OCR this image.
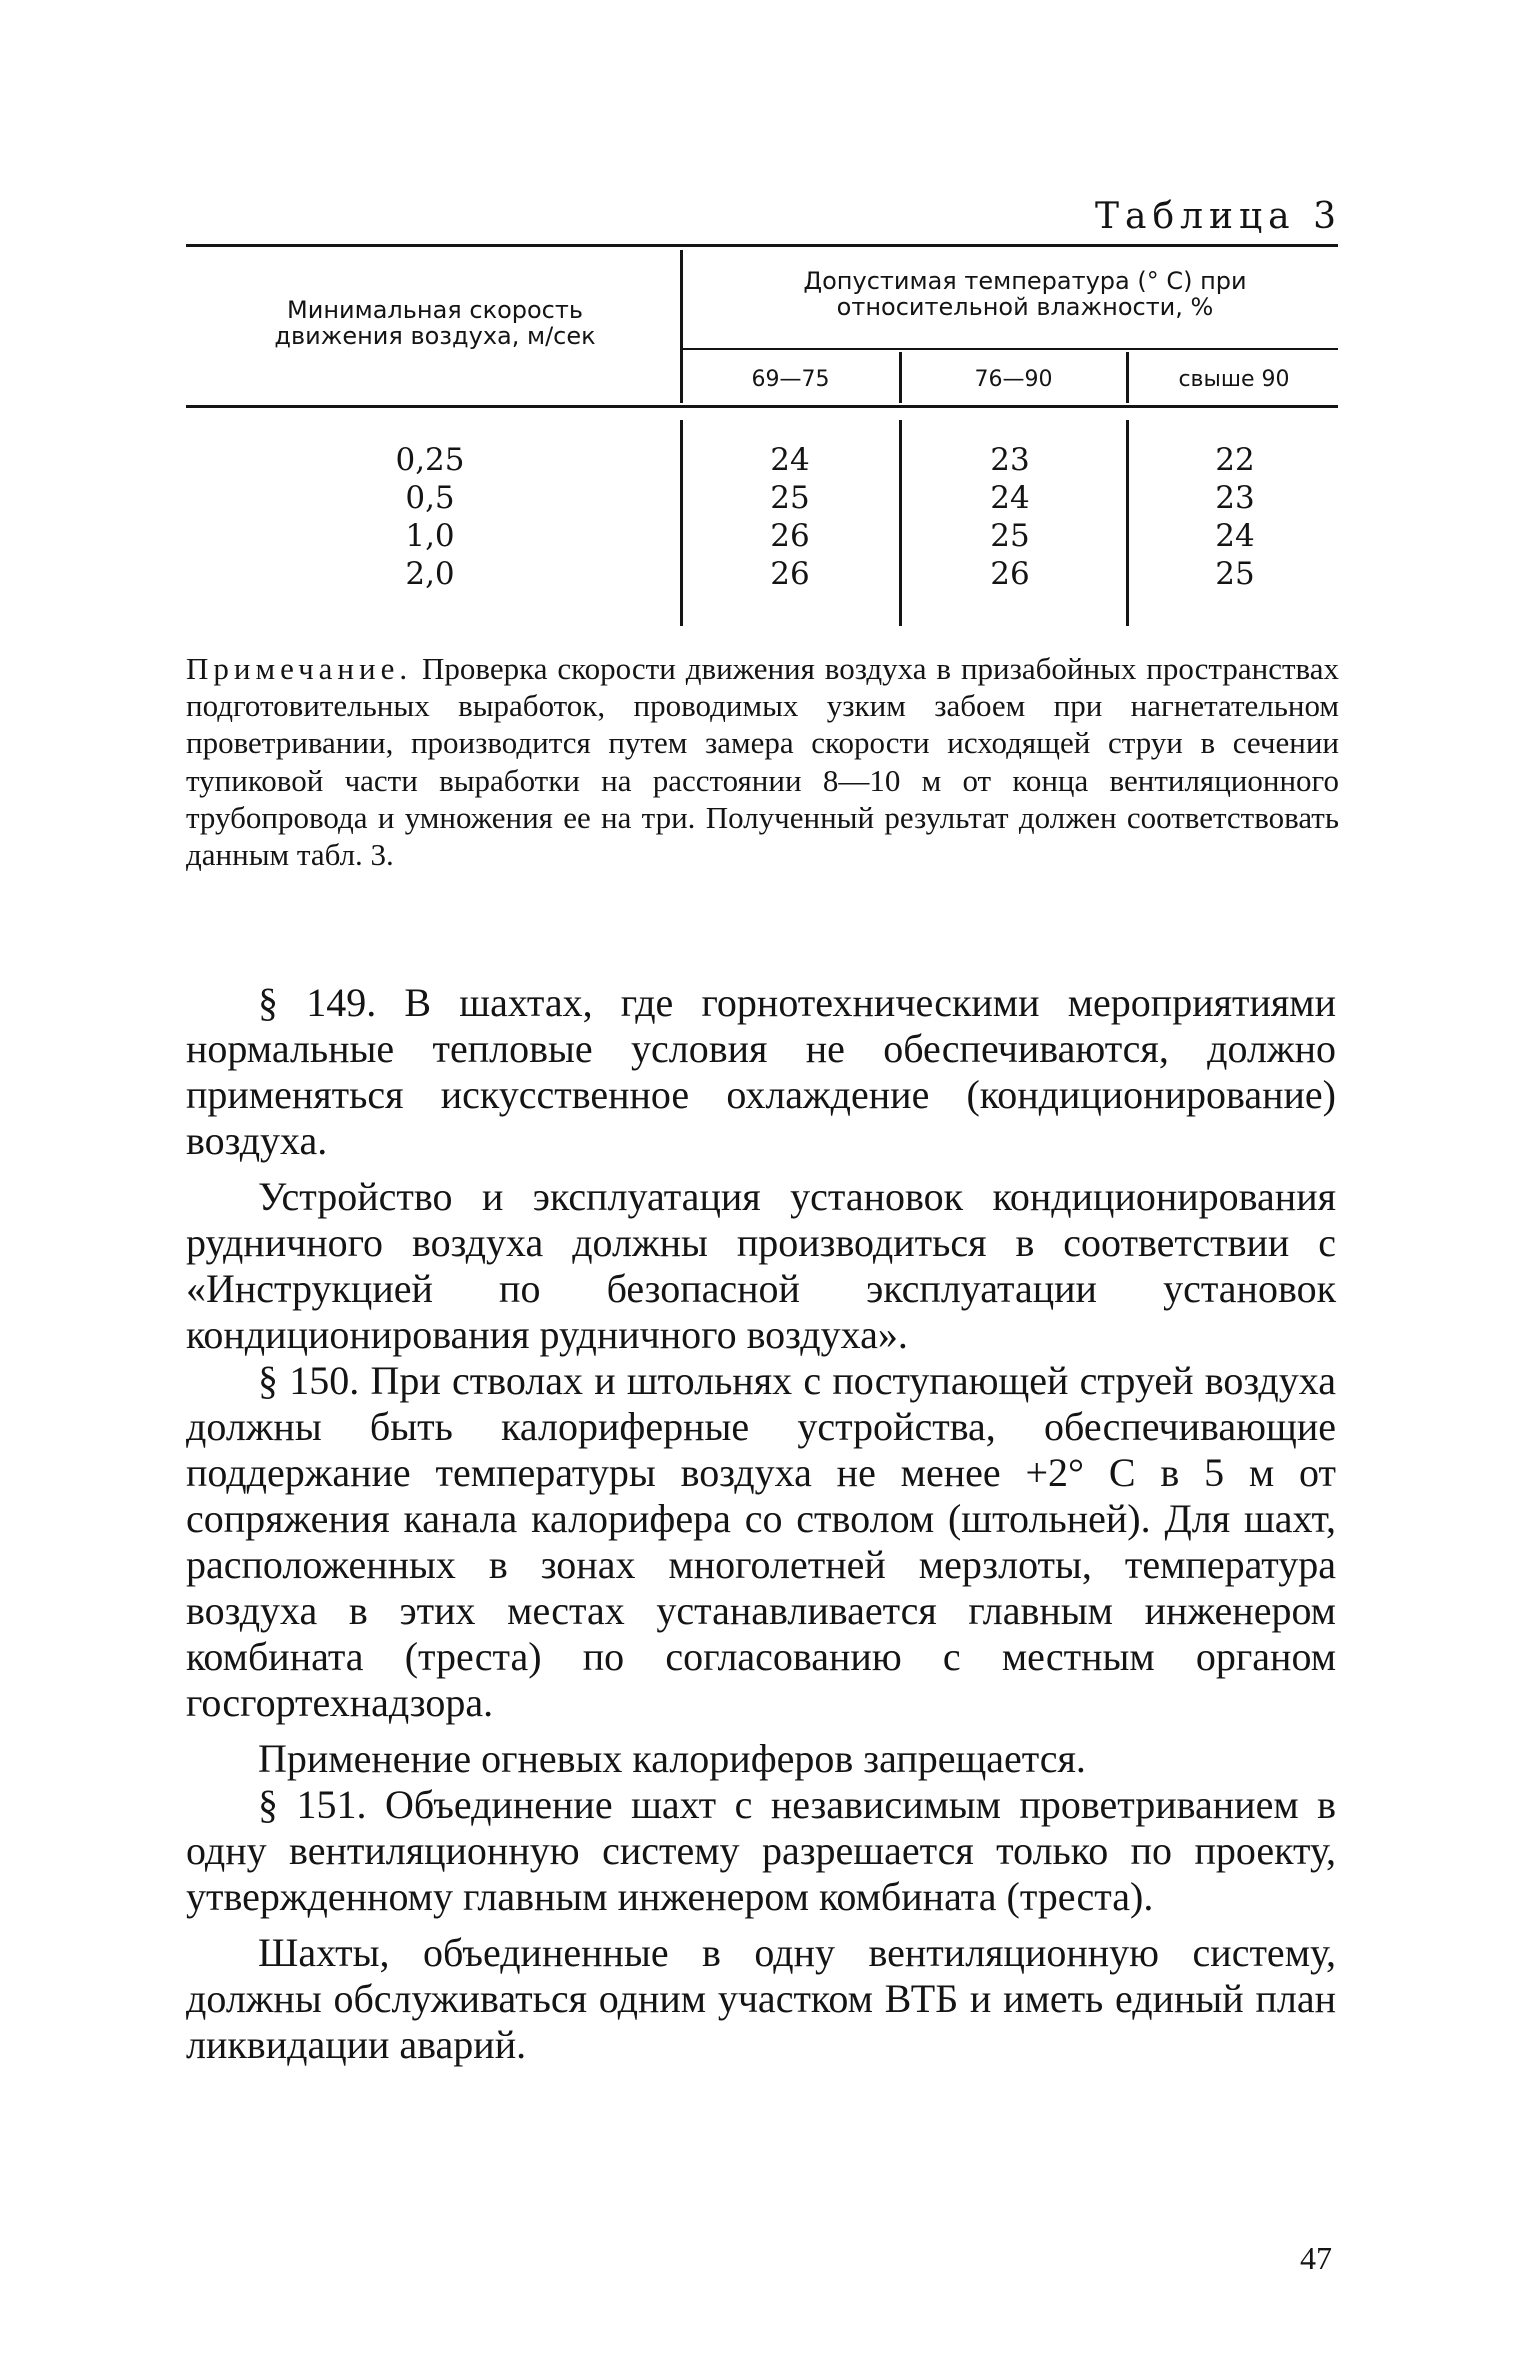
Таблица 3
Минимальная скорость движения воздуха, м/сек
Допустимая температура (° С) при относительной влажности, %
69—75	76—90	свыше 90
0,25
0,5
1,0
2,0
24
25
26
26
23
24
25
26
22
23
24
25
Примечание. Проверка скорости движения воздуха в призабойных пространствах подготовительных выработок, проводимых узким забоем при нагнетательном проветривании, производится путем замера скорости исходящей струи в сечении тупиковой части выработки на расстоянии 8—10 м от конца вентиляционного трубопровода и умножения ее на три. Полученный результат должен соответствовать данным табл. 3.

§ 149. В шахтах, где горнотехническими мероприятиями нормальные тепловые условия не обеспечиваются, должно применяться искусственное охлаждение (кондиционирование) воздуха.

Устройство и эксплуатация установок кондиционирования рудничного воздуха должны производиться в соответствии с «Инструкцией по безопасной эксплуатации установок кондиционирования рудничного воздуха».

§ 150. При стволах и штольнях с поступающей струей воздуха должны быть калориферные устройства, обеспечивающие поддержание температуры воздуха не менее +2° С в 5 м от сопряжения канала калорифера со стволом (штольней). Для шахт, расположенных в зонах многолетней мерзлоты, температура воздуха в этих местах устанавливается главным инженером комбината (треста) по согласованию с местным органом госгортехнадзора.

Применение огневых калориферов запрещается.

§ 151. Объединение шахт с независимым проветриванием в одну вентиляционную систему разрешается только по проекту, утвержденному главным инженером комбината (треста).

Шахты, объединенные в одну вентиляционную систему, должны обслуживаться одним участком ВТБ и иметь единый план ликвидации аварий.

47
